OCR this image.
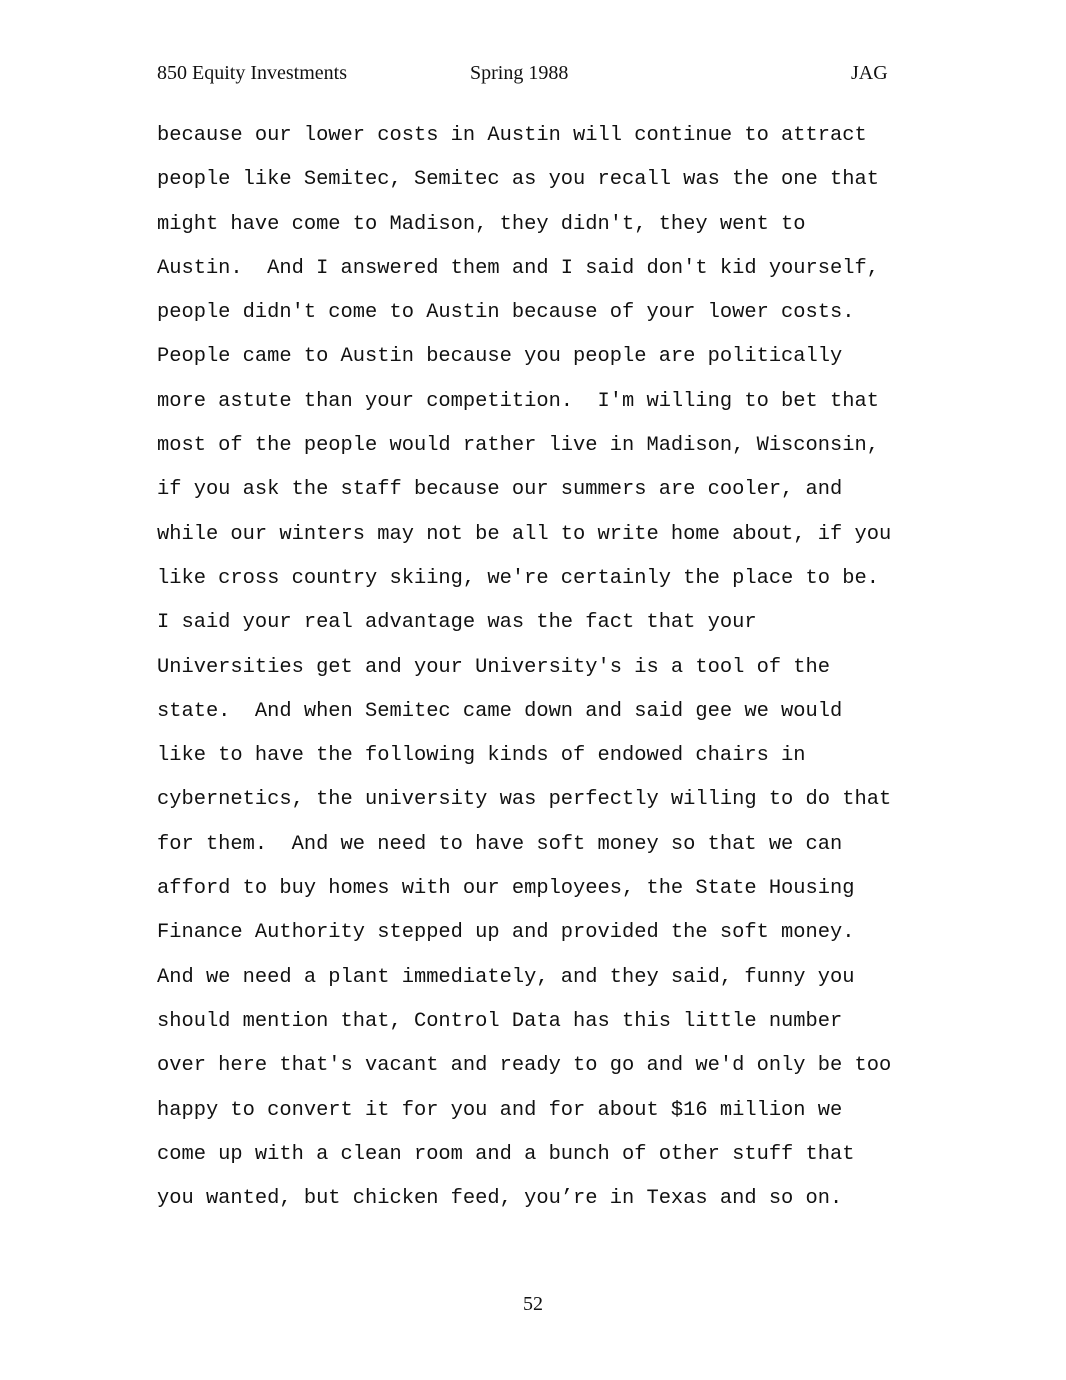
850 Equity Investments	Spring 1988	JAG
because our lower costs in Austin will continue to attract
people like Semitec, Semitec as you recall was the one that
might have come to Madison, they didn't, they went to
Austin.  And I answered them and I said don't kid yourself,
people didn't come to Austin because of your lower costs.
People came to Austin because you people are politically
more astute than your competition.  I'm willing to bet that
most of the people would rather live in Madison, Wisconsin,
if you ask the staff because our summers are cooler, and
while our winters may not be all to write home about, if you
like cross country skiing, we're certainly the place to be.
I said your real advantage was the fact that your
Universities get and your University's is a tool of the
state.  And when Semitec came down and said gee we would
like to have the following kinds of endowed chairs in
cybernetics, the university was perfectly willing to do that
for them.  And we need to have soft money so that we can
afford to buy homes with our employees, the State Housing
Finance Authority stepped up and provided the soft money.
And we need a plant immediately, and they said, funny you
should mention that, Control Data has this little number
over here that's vacant and ready to go and we'd only be too
happy to convert it for you and for about $16 million we
come up with a clean room and a bunch of other stuff that
you wanted, but chicken feed, you’re in Texas and so on.
52
